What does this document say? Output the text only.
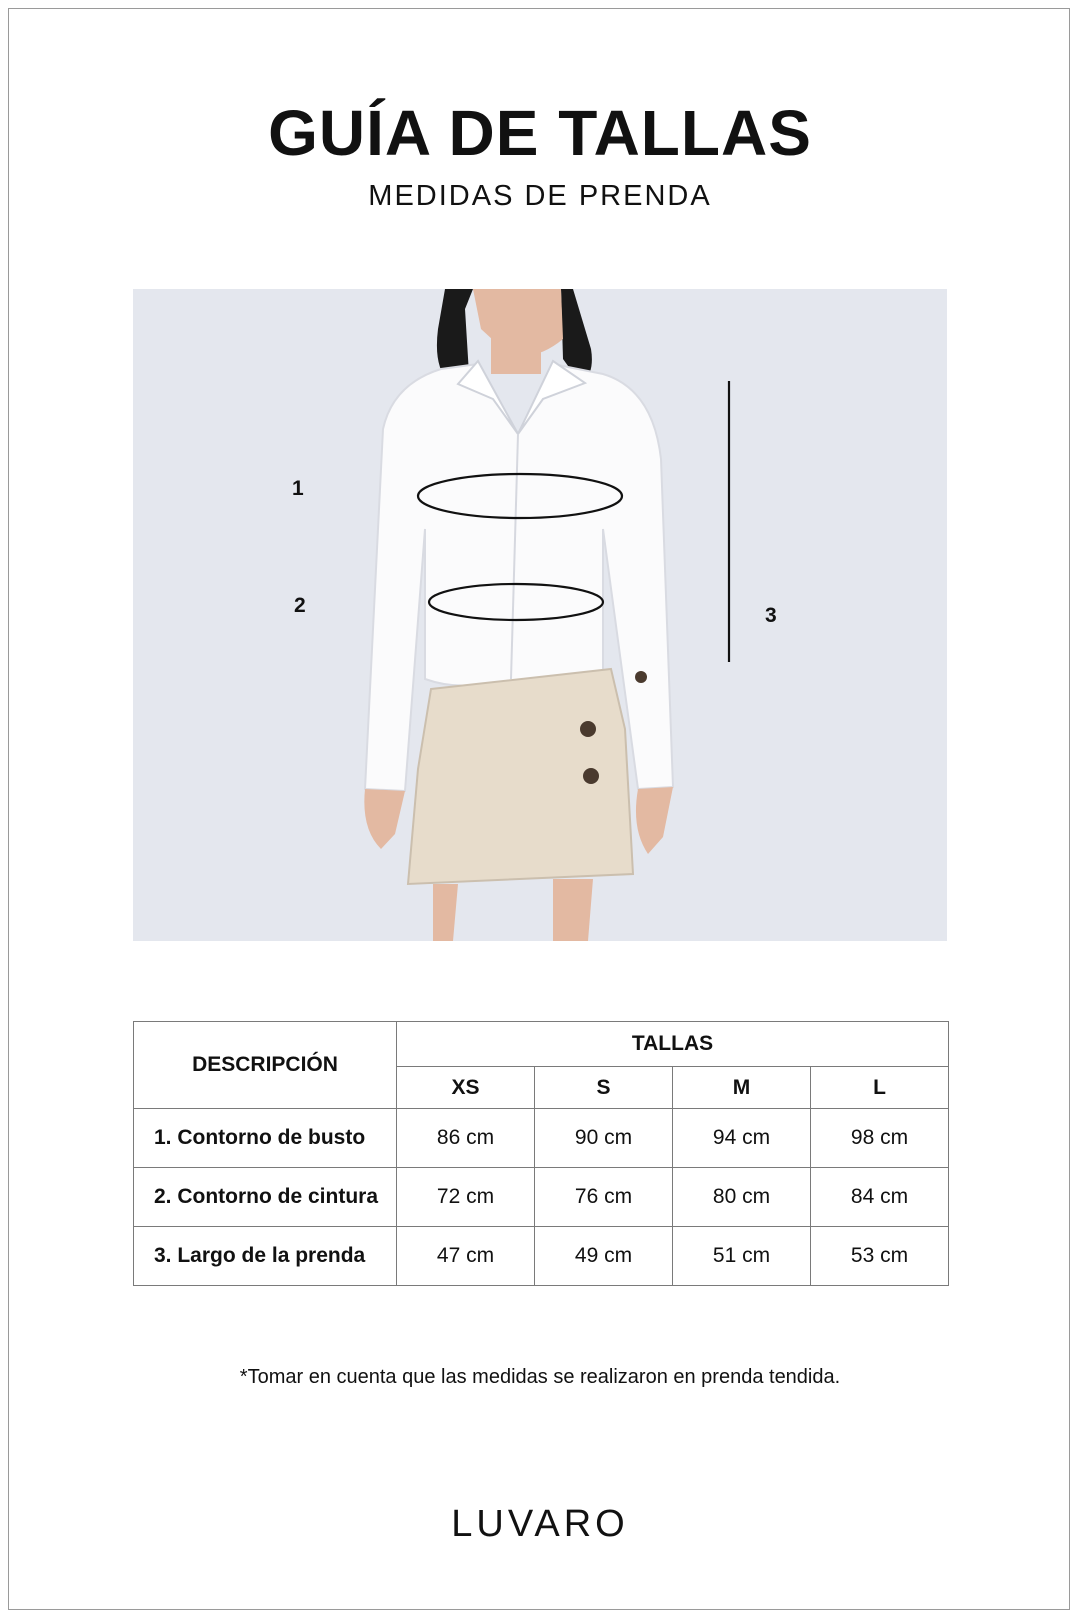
GUÍA DE TALLAS
MEDIDAS DE PRENDA
1
2	3
DESCRIPCIÓN	TALLAS			
	XS	S	M	L
1. Contorno de busto	86 cm	90 cm	94 cm	98 cm
2. Contorno de cintura	72 cm	76 cm	80 cm	84 cm
3. Largo de la prenda	47 cm	49 cm	51 cm	53 cm

*Tomar en cuenta que las medidas se realizaron en prenda tendida.

LUVARO
